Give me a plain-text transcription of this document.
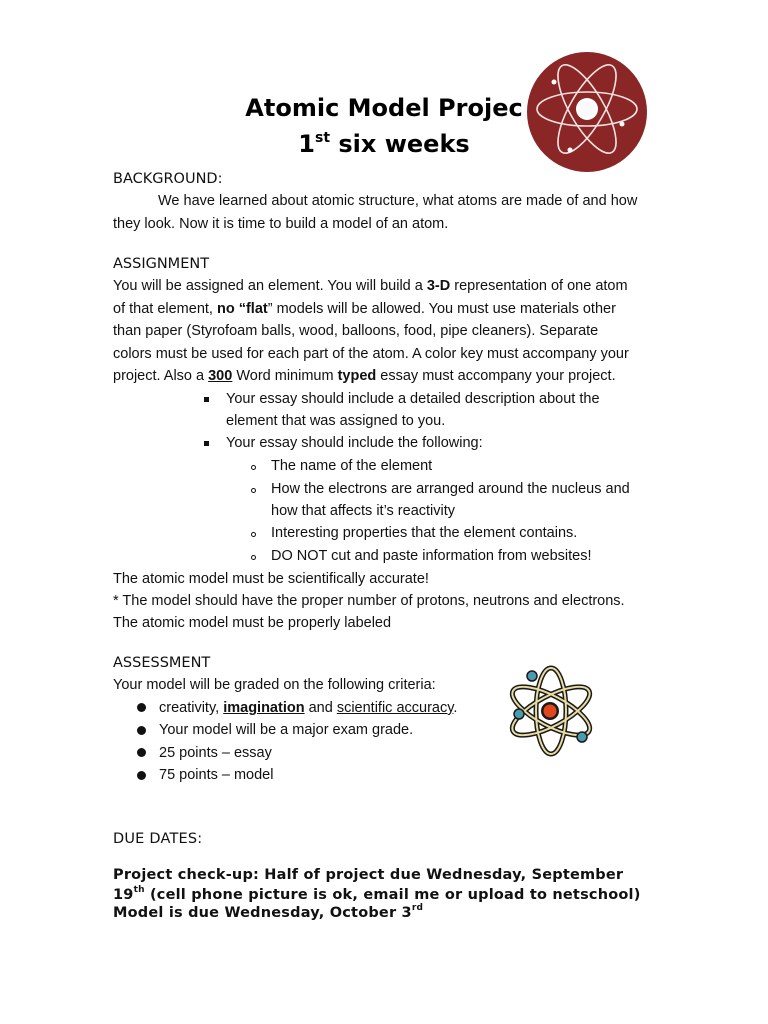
Atomic Model Projec
1st six weeks
BACKGROUND:
We have learned about atomic structure, what atoms are made of and how
they look. Now it is time to build a model of an atom.
ASSIGNMENT
You will be assigned an element. You will build a 3-D representation of one atom
of that element, no “flat” models will be allowed. You must use materials other
than paper (Styrofoam balls, wood, balloons, food, pipe cleaners). Separate
colors must be used for each part of the atom. A color key must accompany your
project. Also a 300 Word minimum typed essay must accompany your project.
Your essay should include a detailed description about the
element that was assigned to you.
Your essay should include the following:
The name of the element
How the electrons are arranged around the nucleus and
how that affects it’s reactivity
Interesting properties that the element contains.
DO NOT cut and paste information from websites!
The atomic model must be scientifically accurate!
* The model should have the proper number of protons, neutrons and electrons.
The atomic model must be properly labeled
ASSESSMENT
Your model will be graded on the following criteria:
creativity, imagination and scientific accuracy.
Your model will be a major exam grade.
25 points – essay
75 points – model
DUE DATES:
Project check-up: Half of project due Wednesday, September
19th (cell phone picture is ok, email me or upload to netschool)
Model is due Wednesday, October 3rd
